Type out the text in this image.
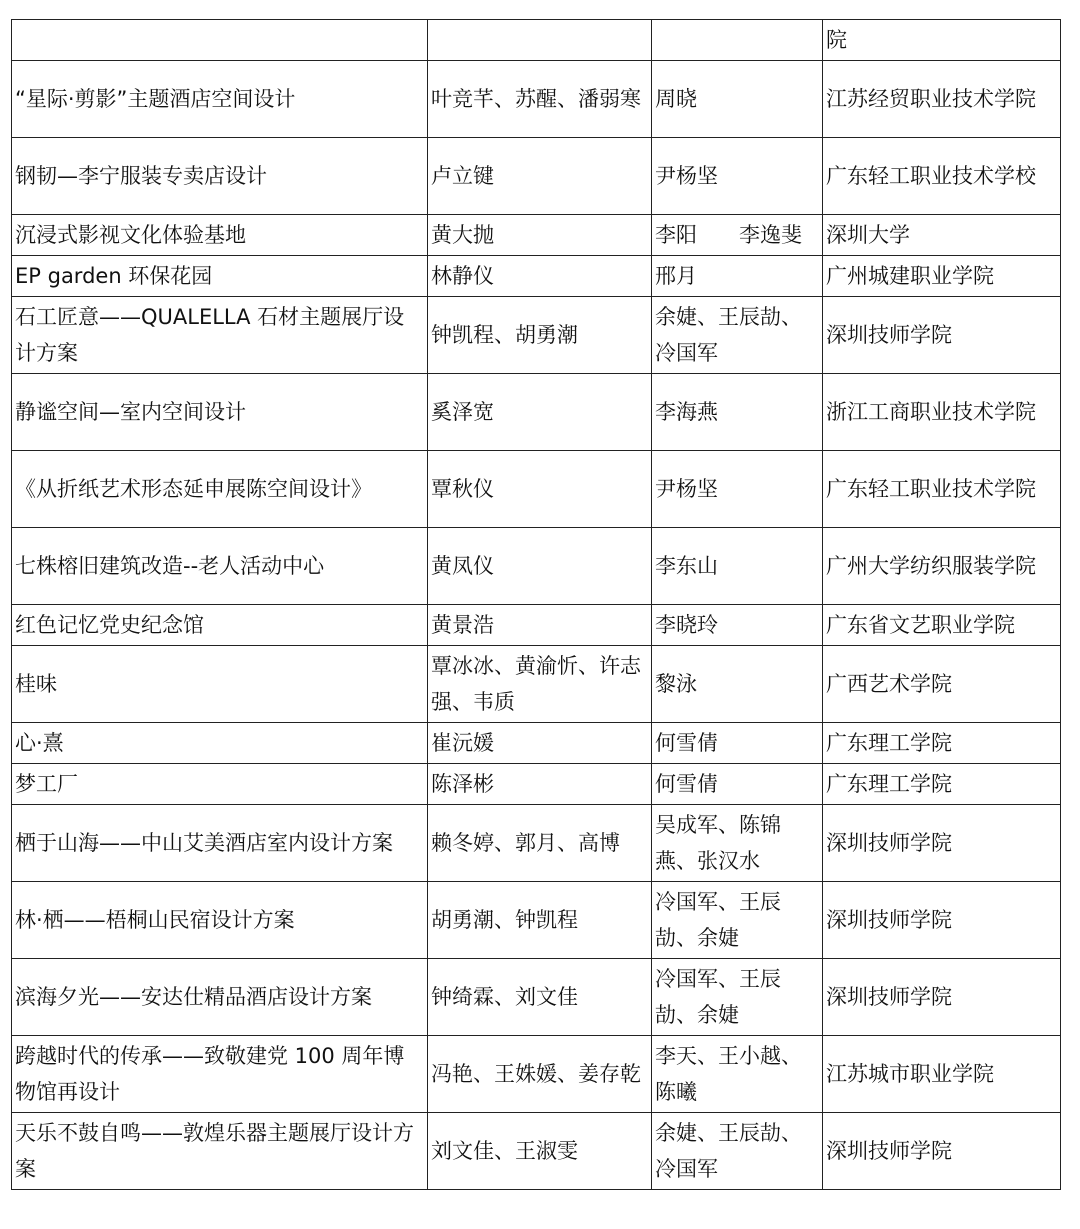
			院
“星际·剪影”主题酒店空间设计	叶竞芊、苏醒、潘弱寒	周晓	江苏经贸职业技术学院
钢韧—李宁服装专卖店设计	卢立键	尹杨坚	广东轻工职业技术学校
沉浸式影视文化体验基地	黄大抛	李阳　　李逸斐	深圳大学
EP garden 环保花园	林静仪	邢月	广州城建职业学院
石工匠意——QUALELLA 石材主题展厅设计方案	钟凯程、胡勇潮	余婕、王辰劼、冷国军	深圳技师学院
静谧空间—室内空间设计	奚泽宽	李海燕	浙江工商职业技术学院
《从折纸艺术形态延申展陈空间设计》	覃秋仪	尹杨坚	广东轻工职业技术学院
七株榕旧建筑改造--老人活动中心	黄凤仪	李东山	广州大学纺织服装学院
红色记忆党史纪念馆	黄景浩	李晓玲	广东省文艺职业学院
桂味	覃冰冰、黄渝忻、许志强、韦质	黎泳	广西艺术学院
心·熹	崔沅媛	何雪倩	广东理工学院
梦工厂	陈泽彬	何雪倩	广东理工学院
栖于山海——中山艾美酒店室内设计方案	赖冬婷、郭月、高博	吴成军、陈锦燕、张汉水	深圳技师学院
林·栖——梧桐山民宿设计方案	胡勇潮、钟凯程	冷国军、王辰劼、余婕	深圳技师学院
滨海夕光——安达仕精品酒店设计方案	钟绮霖、刘文佳	冷国军、王辰劼、余婕	深圳技师学院
跨越时代的传承——致敬建党 100 周年博物馆再设计	冯艳、王姝媛、姜存乾	李天、王小越、陈曦	江苏城市职业学院
天乐不鼓自鸣——敦煌乐器主题展厅设计方案	刘文佳、王淑雯	余婕、王辰劼、冷国军	深圳技师学院
